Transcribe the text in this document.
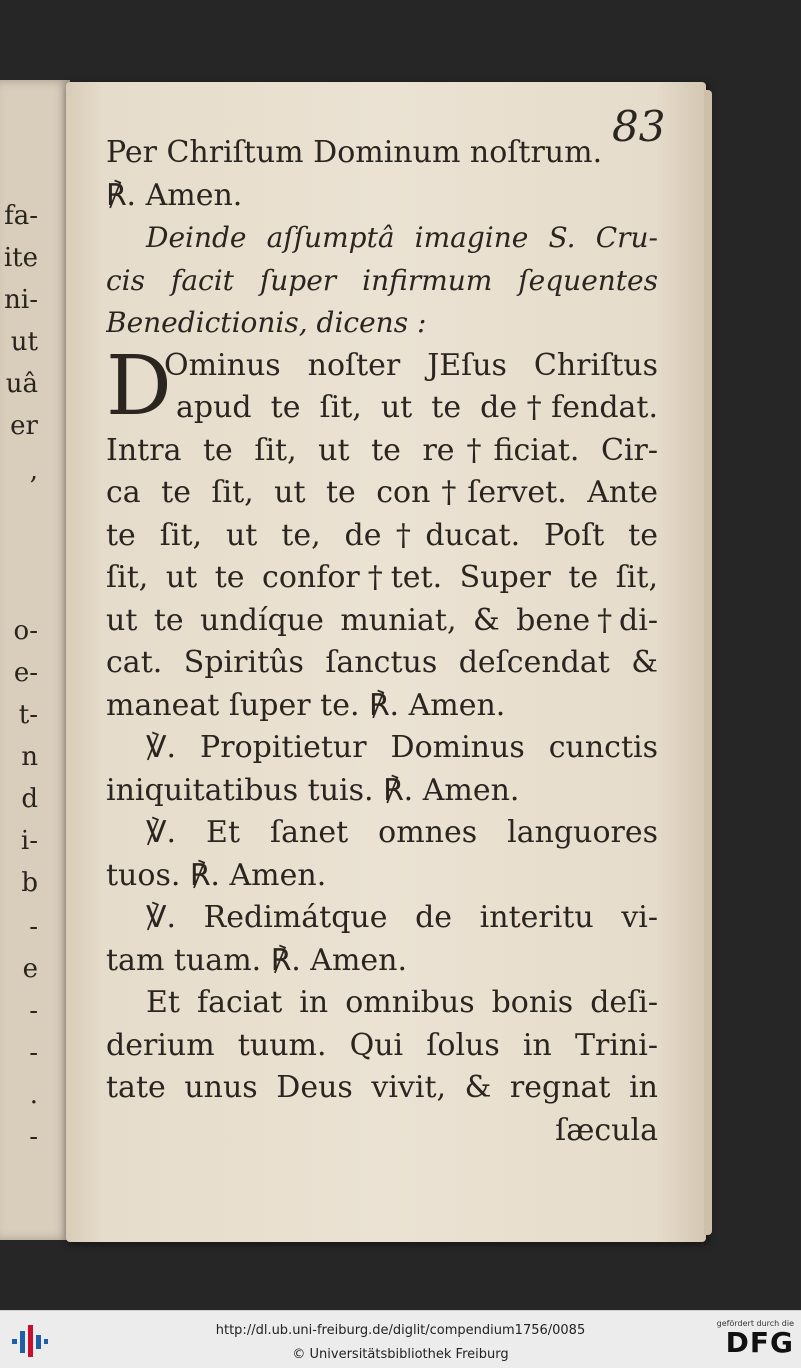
fa-
ite
ni-
ut
uâ
er
,
o-
e-
t-
n
d
i-
b
-
e
-
-
.
-
83
Per Chriſtum Dominum noſtrum.
℟. Amen.
Deinde aſſumptâ imagine S. Cru-
cis facit ſuper infirmum ſequentes
Benedictionis, dicens :
Ominus noſter JEſus Chriſtus
apud te ſit, ut te de†fendat.
Intra te ſit, ut te re†ficiat. Cir-
ca te ſit, ut te con†ſervet. Ante
te ſit, ut te, de†ducat. Poſt te
ſit, ut te confor†tet. Super te ſit,
ut te undíque muniat, & bene†di-
cat. Spiritûs ſanctus deſcendat &
maneat ſuper te. ℟. Amen.
℣. Propitietur Dominus cunctis
iniquitatibus tuis. ℟. Amen.
℣. Et ſanet omnes languores
tuos. ℟. Amen.
℣. Redimátque de interitu vi-
tam tuam. ℟. Amen.
Et faciat in omnibus bonis deſi-
derium tuum. Qui ſolus in Trini-
tate unus Deus vivit, & regnat in
ſæcula
D
http://dl.ub.uni-freiburg.de/diglit/compendium1756/0085
© Universitätsbibliothek Freiburg
gefördert durch die
DFG
